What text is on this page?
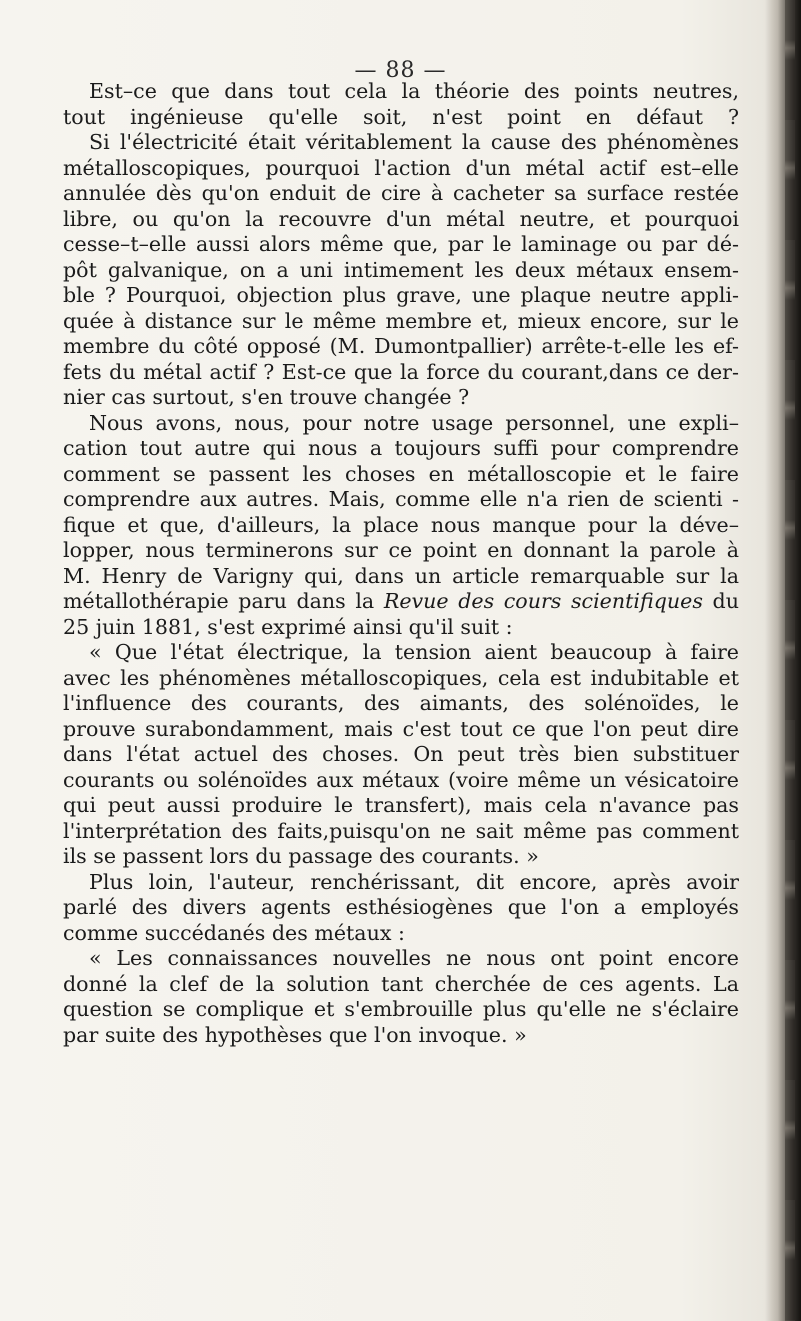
— 88 —
Est–ce que dans tout cela la théorie des points neutres,
tout ingénieuse qu'elle soit, n'est point en défaut ?
Si l'électricité était véritablement la cause des phénomènes
métalloscopiques, pourquoi l'action d'un métal actif est–elle
annulée dès qu'on enduit de cire à cacheter sa surface restée
libre, ou qu'on la recouvre d'un métal neutre, et pourquoi
cesse–t–elle aussi alors même que, par le laminage ou par dé-
pôt galvanique, on a uni intimement les deux métaux ensem-
ble ? Pourquoi, objection plus grave, une plaque neutre appli-
quée à distance sur le même membre et, mieux encore, sur le
membre du côté opposé (M. Dumontpallier) arrête-t-elle les ef-
fets du métal actif ? Est-ce que la force du courant,dans ce der-
nier cas surtout, s'en trouve changée ?
Nous avons, nous, pour notre usage personnel, une expli–
cation tout autre qui nous a toujours suffi pour comprendre
comment se passent les choses en métalloscopie et le faire
comprendre aux autres. Mais, comme elle n'a rien de scienti -
fique et que, d'ailleurs, la place nous manque pour la déve–
lopper, nous terminerons sur ce point en donnant la parole à
M. Henry de Varigny qui, dans un article remarquable sur la
métallothérapie paru dans la Revue des cours scientifiques du
25 juin 1881, s'est exprimé ainsi qu'il suit :
« Que l'état électrique, la tension aient beaucoup à faire
avec les phénomènes métalloscopiques, cela est indubitable et
l'influence des courants, des aimants, des solénoïdes, le
prouve surabondamment, mais c'est tout ce que l'on peut dire
dans l'état actuel des choses. On peut très bien substituer
courants ou solénoïdes aux métaux (voire même un vésicatoire
qui peut aussi produire le transfert), mais cela n'avance pas
l'interprétation des faits,puisqu'on ne sait même pas comment
ils se passent lors du passage des courants. »
Plus loin, l'auteur, renchérissant, dit encore, après avoir
parlé des divers agents esthésiogènes que l'on a employés
comme succédanés des métaux :
« Les connaissances nouvelles ne nous ont point encore
donné la clef de la solution tant cherchée de ces agents. La
question se complique et s'embrouille plus qu'elle ne s'éclaire
par suite des hypothèses que l'on invoque. »
